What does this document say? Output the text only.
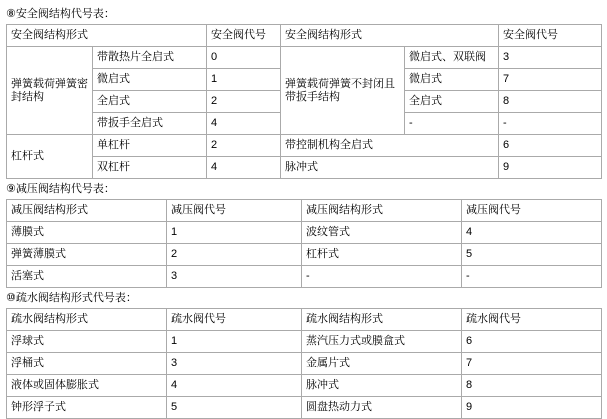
⑧安全阀结构代号表：
安全阀结构形式		安全阀代号	安全阀结构形式		安全阀代号
弹簧载荷弹簧密封结构	带散热片全启式	0	弹簧载荷弹簧不封闭且带扳手结构	微启式、双联阀	3
	微启式	1		微启式	7
	全启式	2		全启式	8
	带扳手全启式	4		-	-
杠杆式	单杠杆	2	带控制机构全启式		6
	双杠杆	4	脉冲式		9
⑨减压阀结构代号表：
减压阀结构形式	减压阀代号	减压阀结构形式	减压阀代号
薄膜式	1	波纹管式	4
弹簧薄膜式	2	杠杆式	5
活塞式	3	-	-
⑩疏水阀结构形式代号表：
疏水阀结构形式	疏水阀代号	疏水阀结构形式	疏水阀代号
浮球式	1	蒸汽压力式或膜盒式	6
浮桶式	3	金属片式	7
液体或固体膨胀式	4	脉冲式	8
钟形浮子式	5	圆盘热动力式	9
